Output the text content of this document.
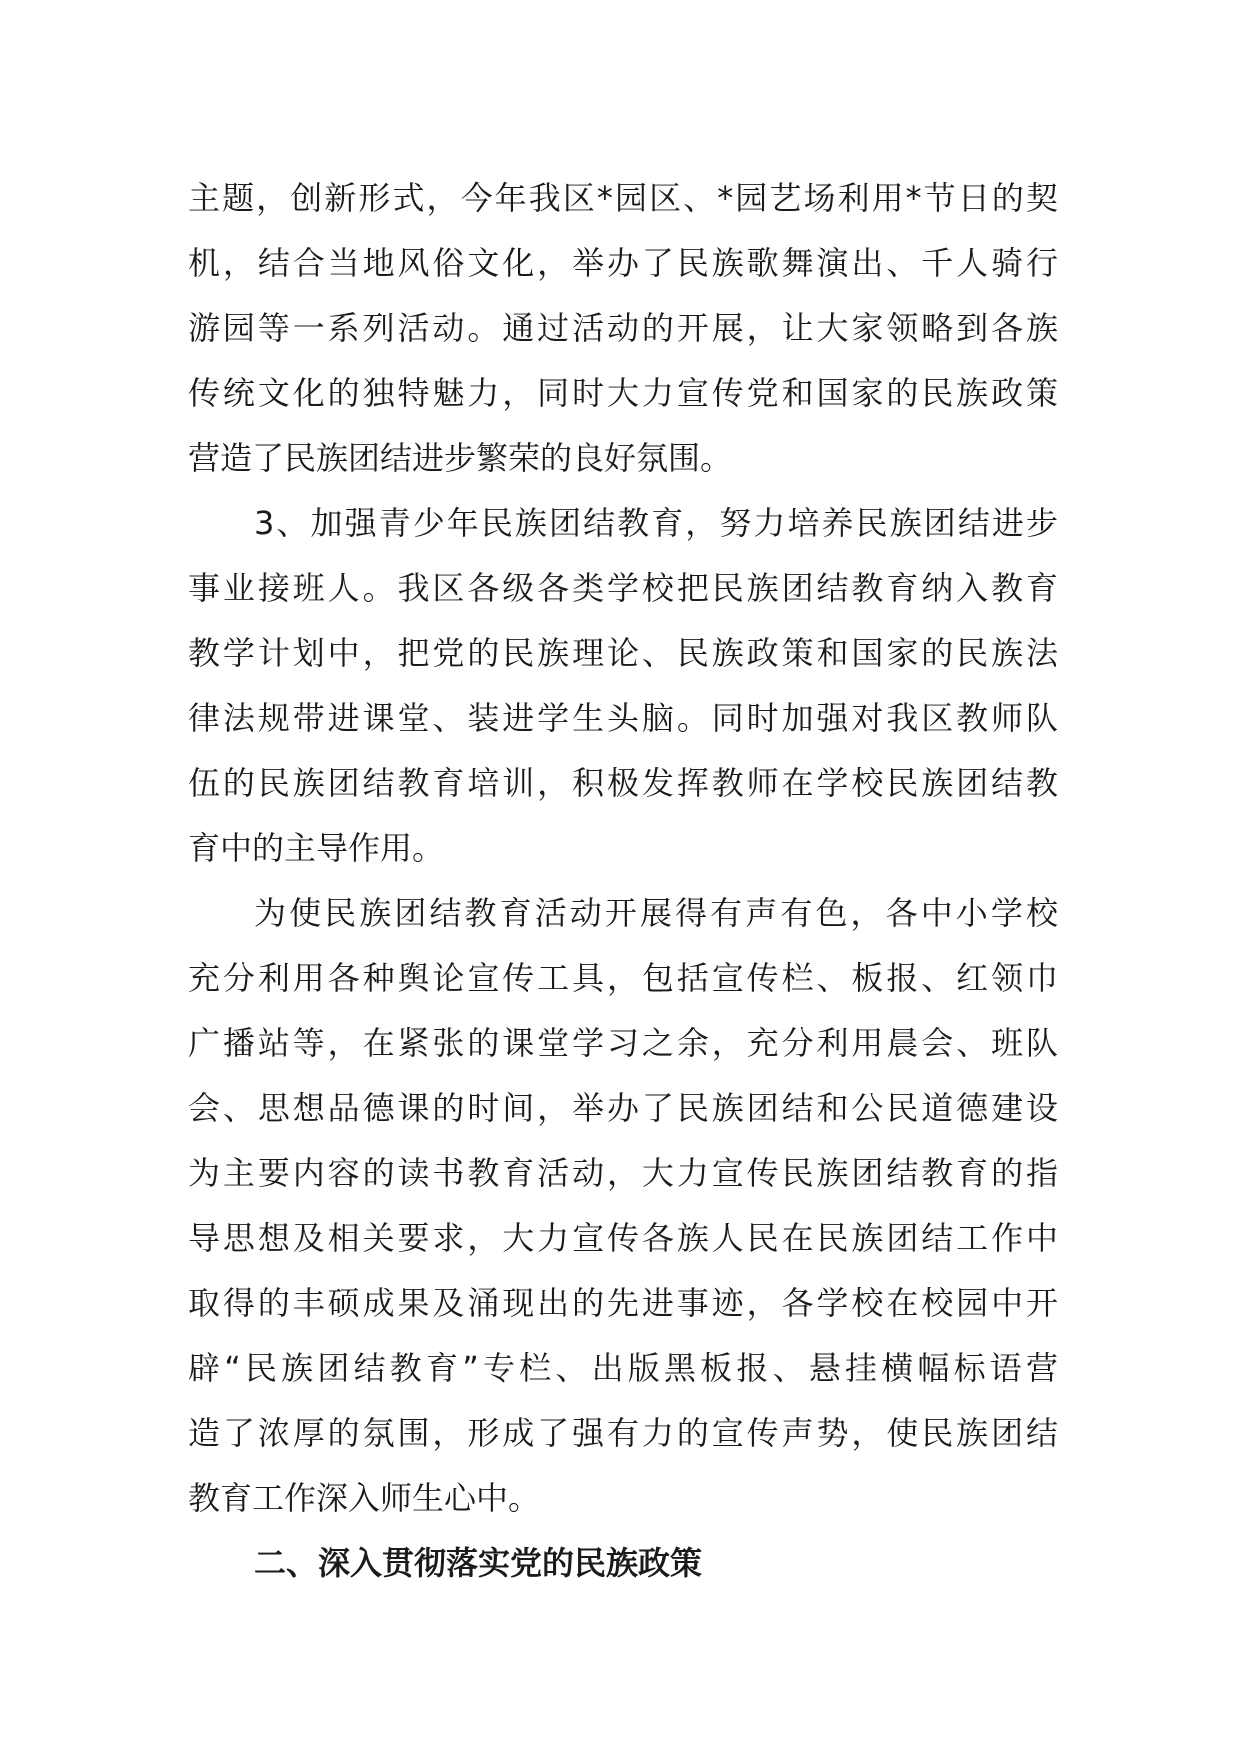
主题，创新形式，今年我区*园区、*园艺场利用*节日的契
机，结合当地风俗文化，举办了民族歌舞演出、千人骑行
游园等一系列活动。通过活动的开展，让大家领略到各族
传统文化的独特魅力，同时大力宣传党和国家的民族政策
营造了民族团结进步繁荣的良好氛围。
3、加强青少年民族团结教育，努力培养民族团结进步
事业接班人。我区各级各类学校把民族团结教育纳入教育
教学计划中，把党的民族理论、民族政策和国家的民族法
律法规带进课堂、装进学生头脑。同时加强对我区教师队
伍的民族团结教育培训，积极发挥教师在学校民族团结教
育中的主导作用。
为使民族团结教育活动开展得有声有色，各中小学校
充分利用各种舆论宣传工具，包括宣传栏、板报、红领巾
广播站等，在紧张的课堂学习之余，充分利用晨会、班队
会、思想品德课的时间，举办了民族团结和公民道德建设
为主要内容的读书教育活动，大力宣传民族团结教育的指
导思想及相关要求，大力宣传各族人民在民族团结工作中
取得的丰硕成果及涌现出的先进事迹，各学校在校园中开
辟“民族团结教育”专栏、出版黑板报、悬挂横幅标语营
造了浓厚的氛围，形成了强有力的宣传声势，使民族团结
教育工作深入师生心中。
二、深入贯彻落实党的民族政策
